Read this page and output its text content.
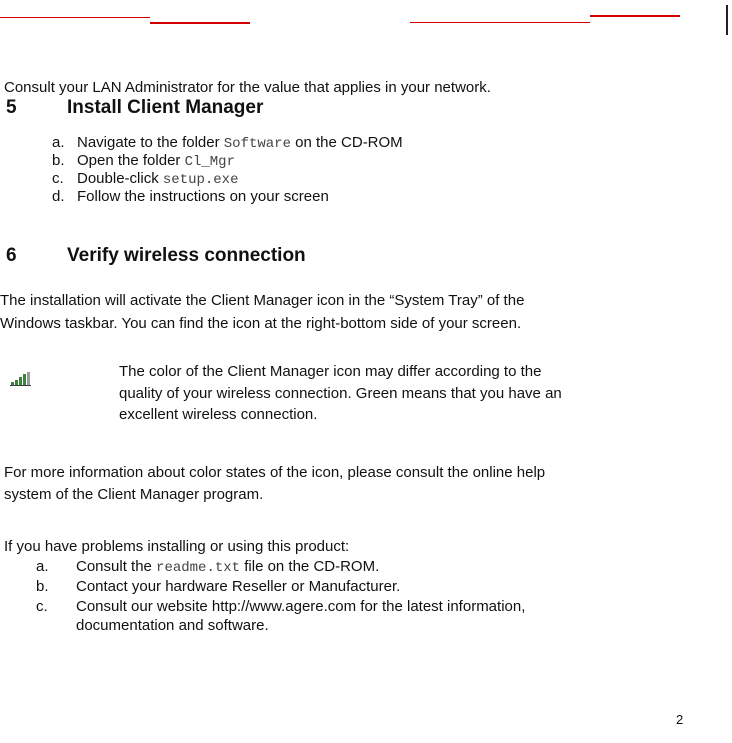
Consult your LAN Administrator for the value that applies in your network.
5	Install Client Manager
a. Navigate to the folder Software on the CD-ROM
b. Open the folder Cl_Mgr
c. Double-click setup.exe
d. Follow the instructions on your screen
6	Verify wireless connection
The installation will activate the Client Manager icon in the “System Tray” of the
Windows taskbar. You can find the icon at the right-bottom side of your screen.
The color of the Client Manager icon may differ according to the
quality of your wireless connection. Green means that you have an
excellent wireless connection.
For more information about color states of the icon, please consult the online help
system of the Client Manager program.
If you have problems installing or using this product:
a. Consult the readme.txt file on the CD-ROM.
b. Contact your hardware Reseller or Manufacturer.
c. Consult our website http://www.agere.com for the latest information,
documentation and software.
2
